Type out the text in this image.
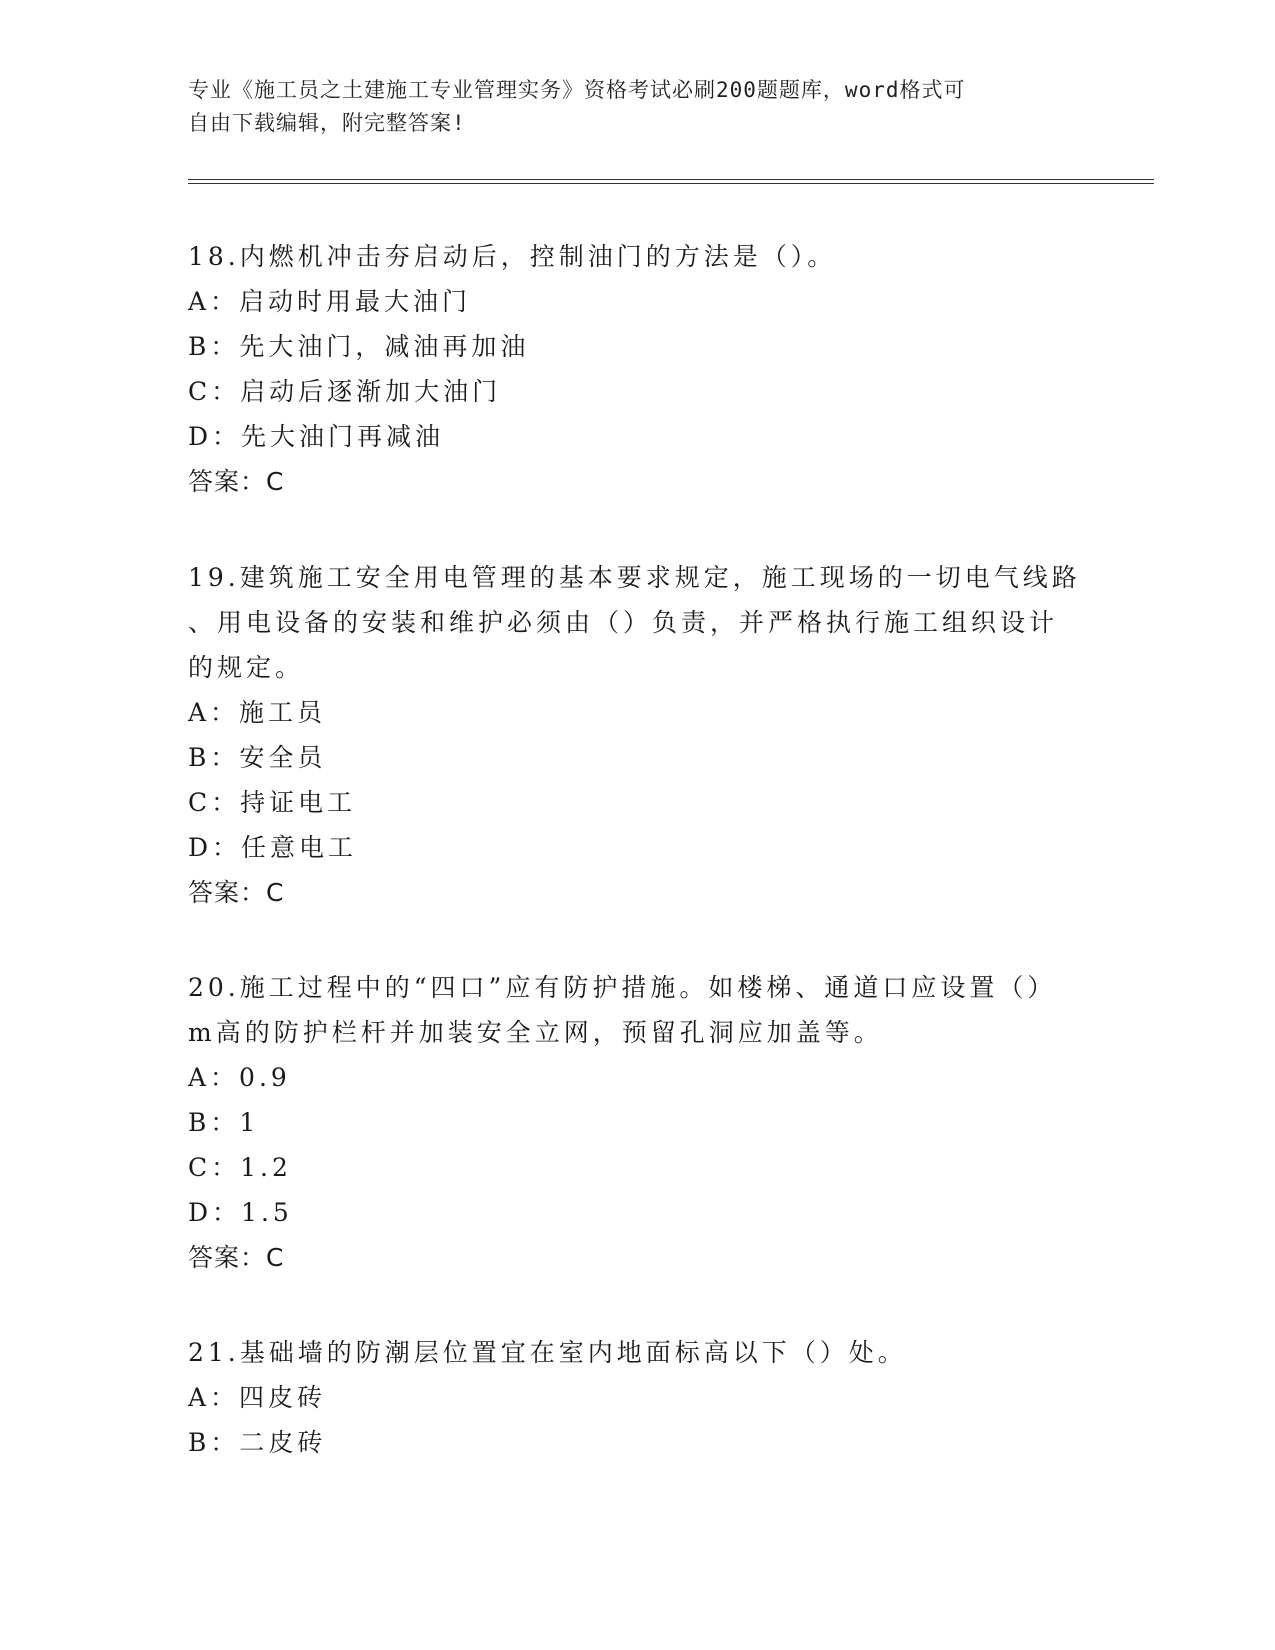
专业《施工员之土建施工专业管理实务》资格考试必刷200题题库，word格式可
自由下载编辑，附完整答案!
18.内燃机冲击夯启动后，控制油门的方法是（）。
A：启动时用最大油门
B：先大油门，减油再加油
C：启动后逐渐加大油门
D：先大油门再减油
答案：C
19.建筑施工安全用电管理的基本要求规定，施工现场的一切电气线路
、用电设备的安装和维护必须由（）负责，并严格执行施工组织设计
的规定。
A：施工员
B：安全员
C：持证电工
D：任意电工
答案：C
20.施工过程中的“四口”应有防护措施。如楼梯、通道口应设置（）
m高的防护栏杆并加装安全立网，预留孔洞应加盖等。
A：0.9
B：1
C：1.2
D：1.5
答案：C
21.基础墙的防潮层位置宜在室内地面标高以下（）处。
A：四皮砖
B：二皮砖
